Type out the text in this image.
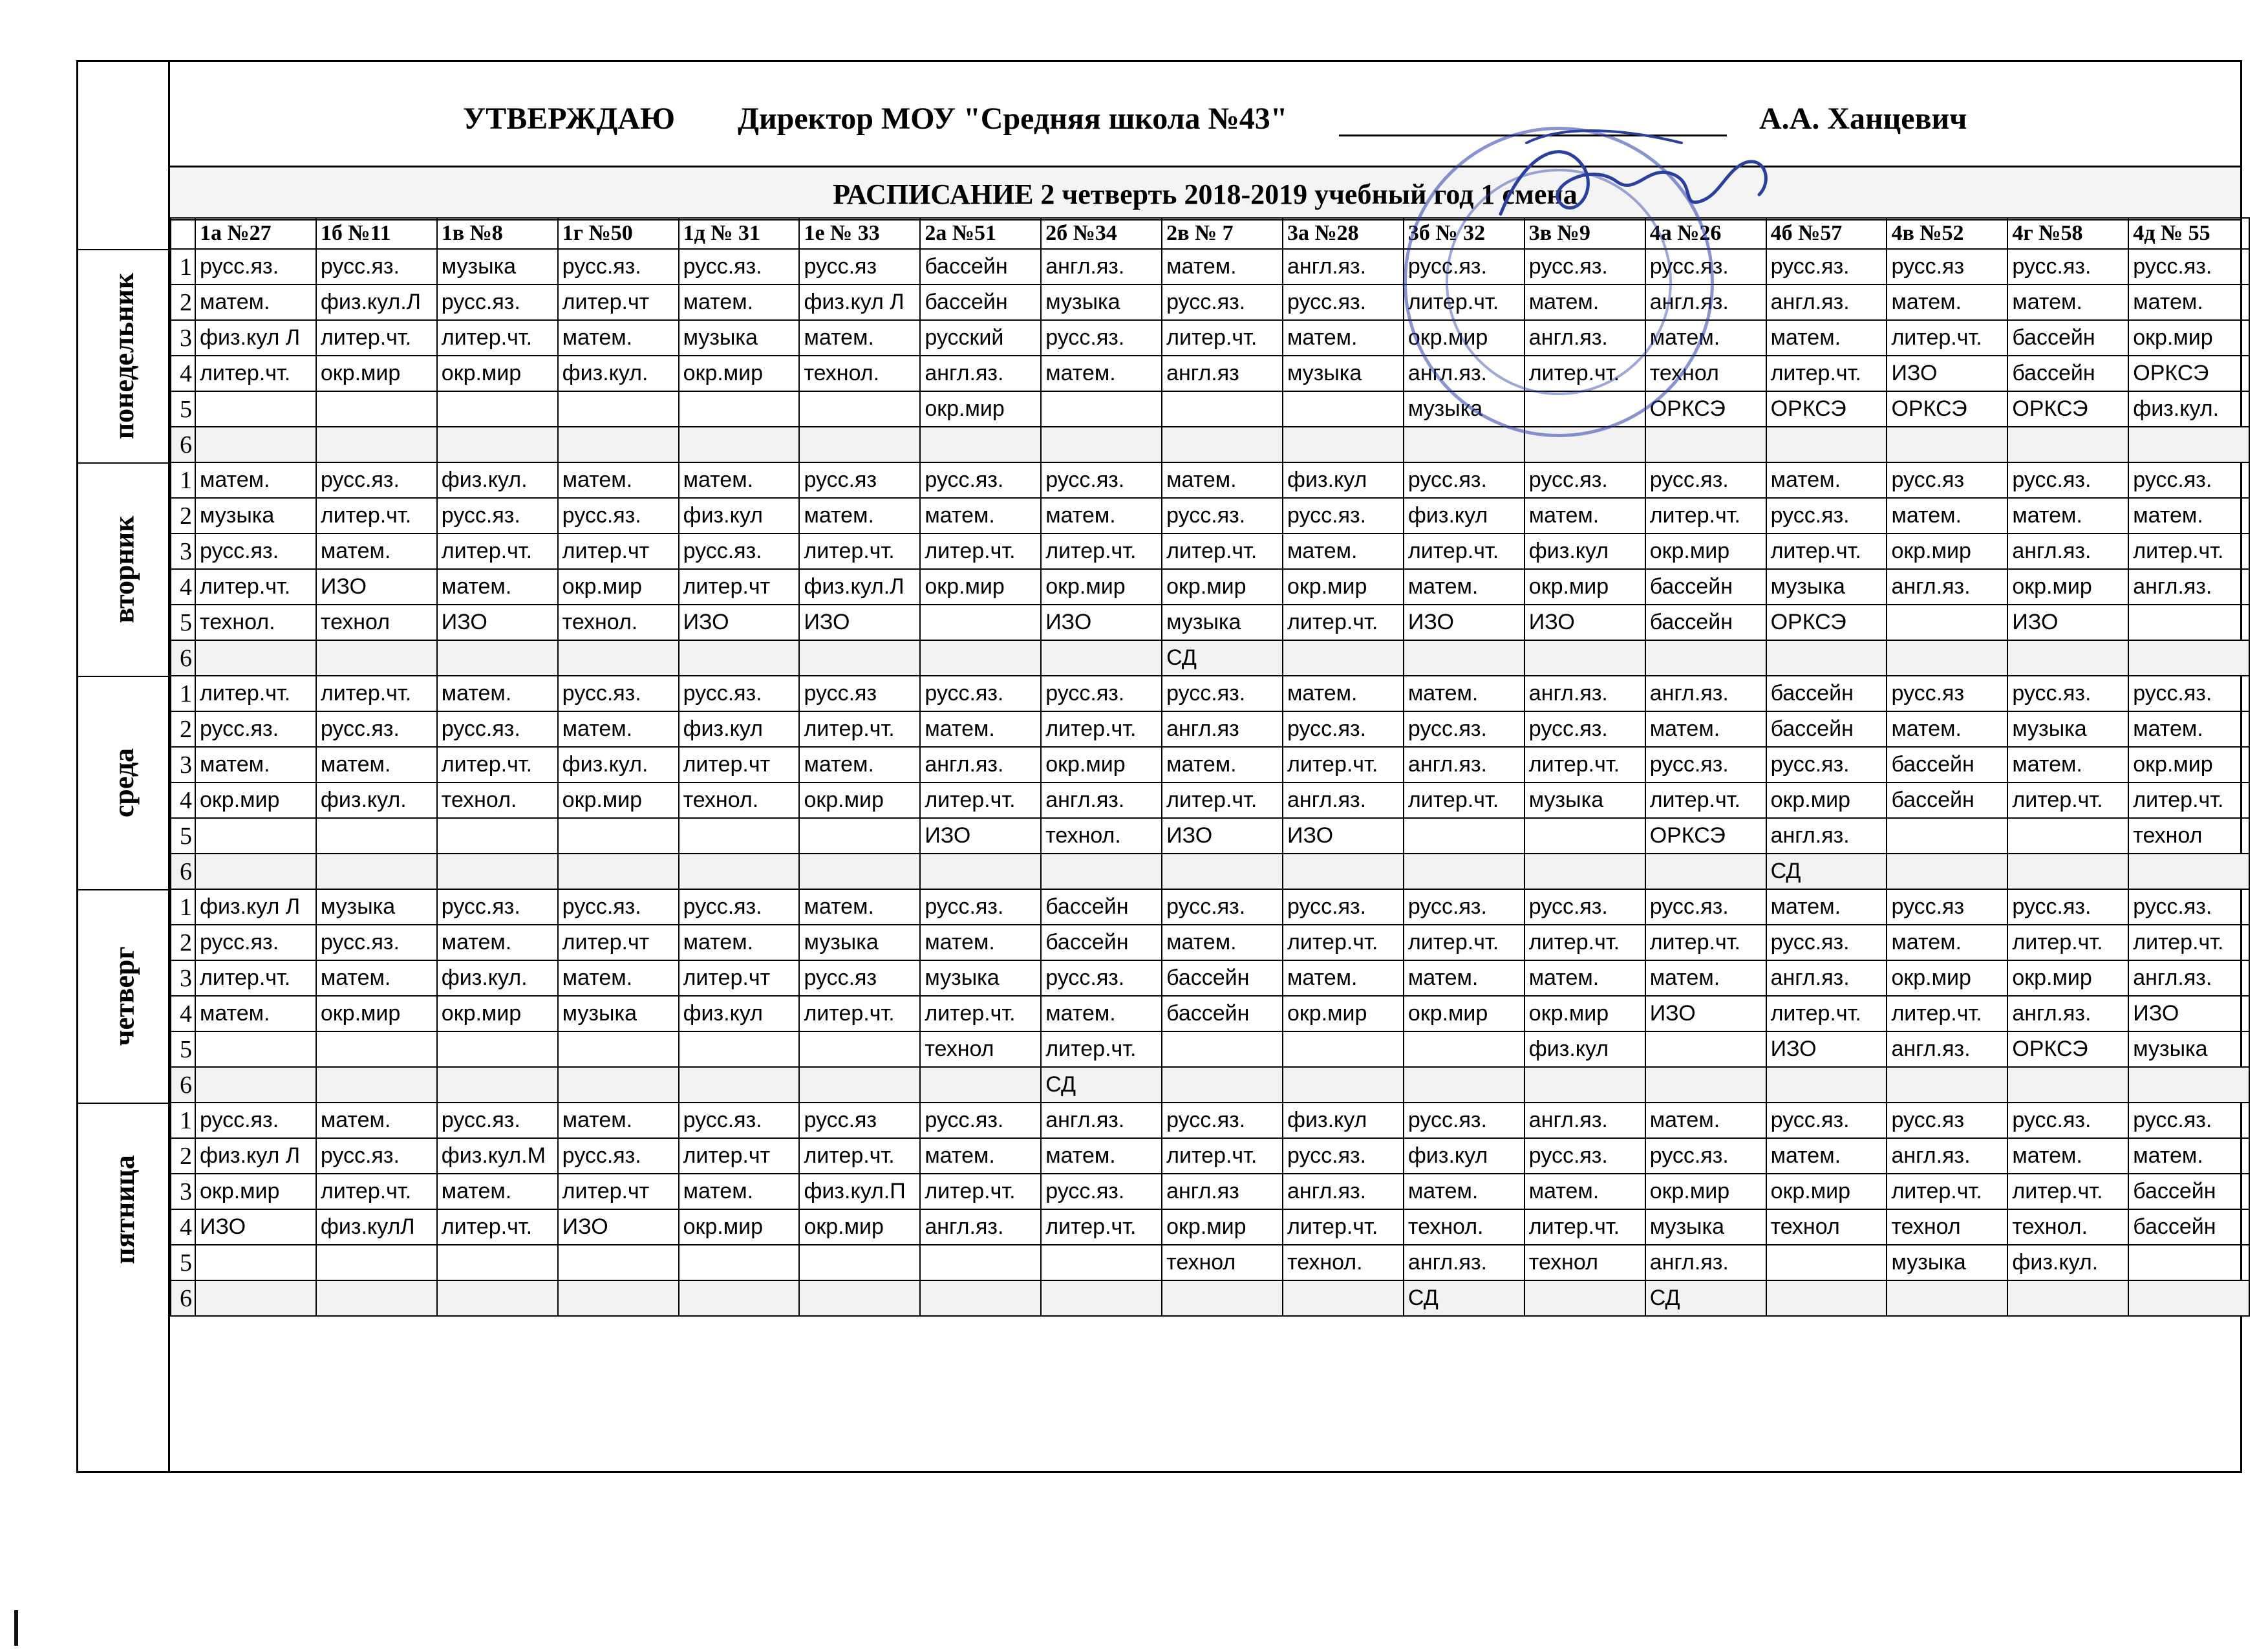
УТВЕРЖДАЮ Директор МОУ "Средняя школа №43"	А.А. Ханцевич
РАСПИСАНИЕ 2 четверть 2018-2019 учебный год 1 смена
	1а №27	1б №11	1в №8	1г №50	1д № 31	1е № 33	2а №51	2б №34	2в № 7	3а №28	3б № 32	3в №9	4а №26	4б №57	4в №52	4г №58	4д № 55
1	русс.яз.	русс.яз.	музыка	русс.яз.	русс.яз.	русс.яз	бассейн	англ.яз.	матем.	англ.яз.	русс.яз.	русс.яз.	русс.яз.	русс.яз.	русс.яз	русс.яз.	русс.яз.
2	матем.	физ.кул.Л	русс.яз.	литер.чт	матем.	физ.кул Л	бассейн	музыка	русс.яз.	русс.яз.	литер.чт.	матем.	англ.яз.	англ.яз.	матем.	матем.	матем.
3	физ.кул Л	литер.чт.	литер.чт.	матем.	музыка	матем.	русский	русс.яз.	литер.чт.	матем.	окр.мир	англ.яз.	матем.	матем.	литер.чт.	бассейн	окр.мир
4	литер.чт.	окр.мир	окр.мир	физ.кул.	окр.мир	технол.	англ.яз.	матем.	англ.яз	музыка	англ.яз.	литер.чт.	технол	литер.чт.	ИЗО	бассейн	ОРКСЭ
5							окр.мир				музыка		ОРКСЭ	ОРКСЭ	ОРКСЭ	ОРКСЭ	физ.кул.
6																	
1	матем.	русс.яз.	физ.кул.	матем.	матем.	русс.яз	русс.яз.	русс.яз.	матем.	физ.кул	русс.яз.	русс.яз.	русс.яз.	матем.	русс.яз	русс.яз.	русс.яз.
2	музыка	литер.чт.	русс.яз.	русс.яз.	физ.кул	матем.	матем.	матем.	русс.яз.	русс.яз.	физ.кул	матем.	литер.чт.	русс.яз.	матем.	матем.	матем.
3	русс.яз.	матем.	литер.чт.	литер.чт	русс.яз.	литер.чт.	литер.чт.	литер.чт.	литер.чт.	матем.	литер.чт.	физ.кул	окр.мир	литер.чт.	окр.мир	англ.яз.	литер.чт.
4	литер.чт.	ИЗО	матем.	окр.мир	литер.чт	физ.кул.Л	окр.мир	окр.мир	окр.мир	окр.мир	матем.	окр.мир	бассейн	музыка	англ.яз.	окр.мир	англ.яз.
5	технол.	технол	ИЗО	технол.	ИЗО	ИЗО		ИЗО	музыка	литер.чт.	ИЗО	ИЗО	бассейн	ОРКСЭ		ИЗО	
6									СД								
1	литер.чт.	литер.чт.	матем.	русс.яз.	русс.яз.	русс.яз	русс.яз.	русс.яз.	русс.яз.	матем.	матем.	англ.яз.	англ.яз.	бассейн	русс.яз	русс.яз.	русс.яз.
2	русс.яз.	русс.яз.	русс.яз.	матем.	физ.кул	литер.чт.	матем.	литер.чт.	англ.яз	русс.яз.	русс.яз.	русс.яз.	матем.	бассейн	матем.	музыка	матем.
3	матем.	матем.	литер.чт.	физ.кул.	литер.чт	матем.	англ.яз.	окр.мир	матем.	литер.чт.	англ.яз.	литер.чт.	русс.яз.	русс.яз.	бассейн	матем.	окр.мир
4	окр.мир	физ.кул.	технол.	окр.мир	технол.	окр.мир	литер.чт.	англ.яз.	литер.чт.	англ.яз.	литер.чт.	музыка	литер.чт.	окр.мир	бассейн	литер.чт.	литер.чт.
5							ИЗО	технол.	ИЗО	ИЗО			ОРКСЭ	англ.яз.			технол
6														СД			
1	физ.кул Л	музыка	русс.яз.	русс.яз.	русс.яз.	матем.	русс.яз.	бассейн	русс.яз.	русс.яз.	русс.яз.	русс.яз.	русс.яз.	матем.	русс.яз	русс.яз.	русс.яз.
2	русс.яз.	русс.яз.	матем.	литер.чт	матем.	музыка	матем.	бассейн	матем.	литер.чт.	литер.чт.	литер.чт.	литер.чт.	русс.яз.	матем.	литер.чт.	литер.чт.
3	литер.чт.	матем.	физ.кул.	матем.	литер.чт	русс.яз	музыка	русс.яз.	бассейн	матем.	матем.	матем.	матем.	англ.яз.	окр.мир	окр.мир	англ.яз.
4	матем.	окр.мир	окр.мир	музыка	физ.кул	литер.чт.	литер.чт.	матем.	бассейн	окр.мир	окр.мир	окр.мир	ИЗО	литер.чт.	литер.чт.	англ.яз.	ИЗО
5							технол	литер.чт.				физ.кул		ИЗО	англ.яз.	ОРКСЭ	музыка
6								СД									
1	русс.яз.	матем.	русс.яз.	матем.	русс.яз.	русс.яз	русс.яз.	англ.яз.	русс.яз.	физ.кул	русс.яз.	англ.яз.	матем.	русс.яз.	русс.яз	русс.яз.	русс.яз.
2	физ.кул Л	русс.яз.	физ.кул.М	русс.яз.	литер.чт	литер.чт.	матем.	матем.	литер.чт.	русс.яз.	физ.кул	русс.яз.	русс.яз.	матем.	англ.яз.	матем.	матем.
3	окр.мир	литер.чт.	матем.	литер.чт	матем.	физ.кул.П	литер.чт.	русс.яз.	англ.яз	англ.яз.	матем.	матем.	окр.мир	окр.мир	литер.чт.	литер.чт.	бассейн
4	ИЗО	физ.кулЛ	литер.чт.	ИЗО	окр.мир	окр.мир	англ.яз.	литер.чт.	окр.мир	литер.чт.	технол.	литер.чт.	музыка	технол	технол	технол.	бассейн
5									технол	технол.	англ.яз.	технол	англ.яз.		музыка	физ.кул.	
6											СД		СД				
понедельник
вторник
среда
четверг
пятница
